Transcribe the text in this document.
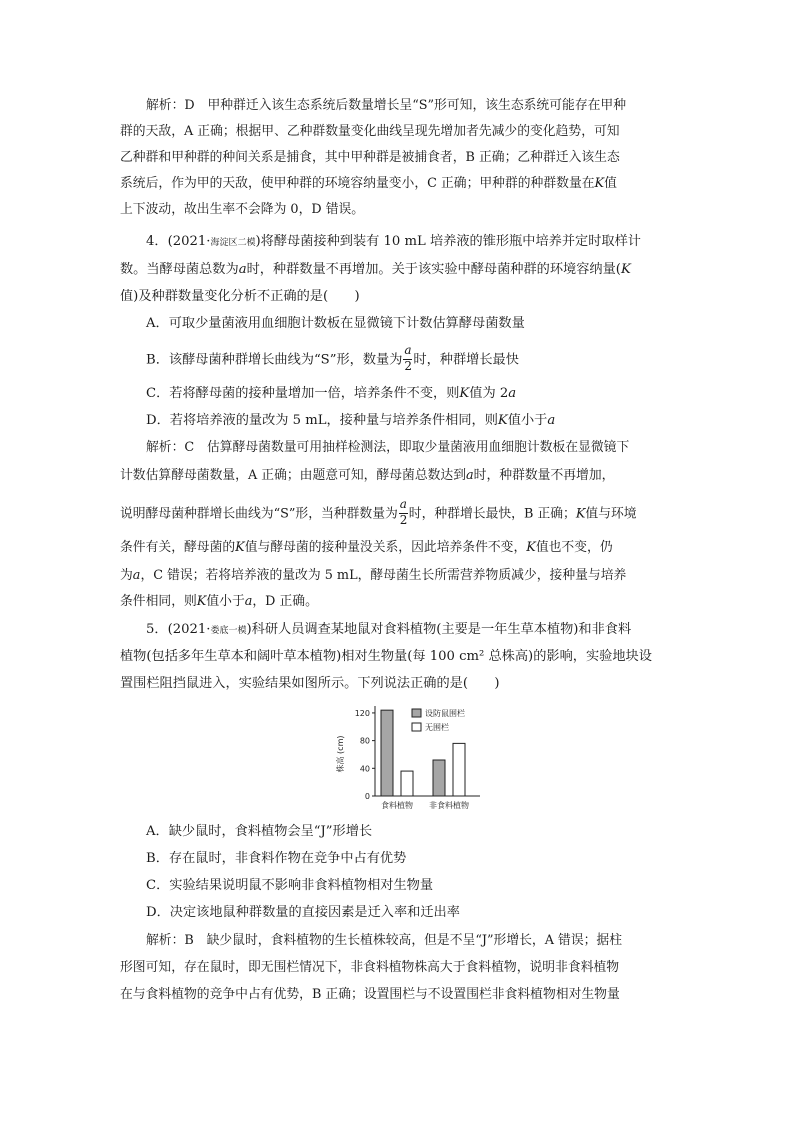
解析：D　甲种群迁入该生态系统后数量增长呈“S”形可知，该生态系统可能存在甲种
群的天敌，A 正确；根据甲、乙种群数量变化曲线呈现先增加者先减少的变化趋势，可知
乙种群和甲种群的种间关系是捕食，其中甲种群是被捕食者，B 正确；乙种群迁入该生态
系统后，作为甲的天敌，使甲种群的环境容纳量变小，C 正确；甲种群的种群数量在K值
上下波动，故出生率不会降为 0，D 错误。
4．(2021·海淀区二模)将酵母菌接种到装有 10 mL 培养液的锥形瓶中培养并定时取样计
数。当酵母菌总数为a时，种群数量不再增加。关于该实验中酵母菌种群的环境容纳量(K
值)及种群数量变化分析不正确的是(　　)
A．可取少量菌液用血细胞计数板在显微镜下计数估算酵母菌数量
B．该酵母菌种群增长曲线为“S”形，数量为 $\frac{a}{2}$ 时，种群增长最快
C．若将酵母菌的接种量增加一倍，培养条件不变，则K值为 2a
D．若将培养液的量改为 5 mL，接种量与培养条件相同，则K值小于a
解析：C　估算酵母菌数量可用抽样检测法，即取少量菌液用血细胞计数板在显微镜下
计数估算酵母菌数量，A 正确；由题意可知，酵母菌总数达到a时，种群数量不再增加，
说明酵母菌种群增长曲线为“S”形，当种群数量为 $\frac{a}{2}$ 时，种群增长最快，B 正确；K值与环境
条件有关，酵母菌的K值与酵母菌的接种量没关系，因此培养条件不变，K值也不变，仍
为a，C 错误；若将培养液的量改为 5 mL，酵母菌生长所需营养物质减少，接种量与培养
条件相同，则K值小于a，D 正确。
5．(2021·娄底一模)科研人员调查某地鼠对食料植物(主要是一年生草本植物)和非食料
植物(包括多年生草本和阔叶草本植物)相对生物量(每 100 cm² 总株高)的影响，实验地块设
置围栏阻挡鼠进入，实验结果如图所示。下列说法正确的是(　　)
株高 (cm)
0
40
80
120
食料植物 非食料植物
设防鼠围栏
无围栏
A．缺少鼠时，食料植物会呈“J”形增长
B．存在鼠时，非食料作物在竞争中占有优势
C．实验结果说明鼠不影响非食料植物相对生物量
D．决定该地鼠种群数量的直接因素是迁入率和迁出率
解析：B　缺少鼠时，食料植物的生长植株较高，但是不呈“J”形增长，A 错误；据柱
形图可知，存在鼠时，即无围栏情况下，非食料植物株高大于食料植物，说明非食料植物
在与食料植物的竞争中占有优势，B 正确；设置围栏与不设置围栏非食料植物相对生物量
